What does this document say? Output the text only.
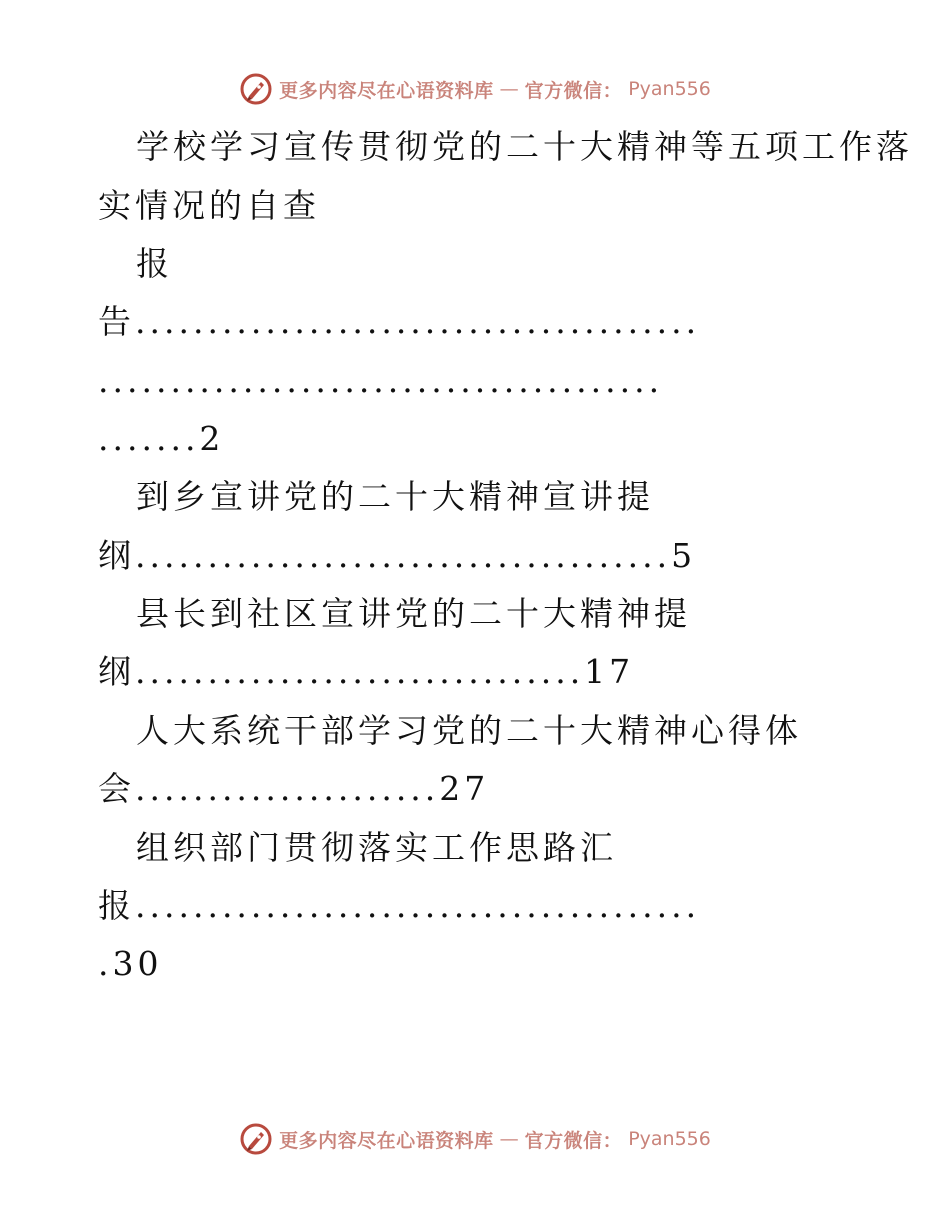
更多内容尽在心语资料库 — 官方微信： Pyan556
学校学习宣传贯彻党的二十大精神等五项工作落
实情况的自查
报
告.......................................
.......................................
.......2
到乡宣讲党的二十大精神宣讲提
纲.....................................5
县长到社区宣讲党的二十大精神提
纲...............................17
人大系统干部学习党的二十大精神心得体
会.....................27
组织部门贯彻落实工作思路汇
报.......................................
.30
更多内容尽在心语资料库 — 官方微信： Pyan556
